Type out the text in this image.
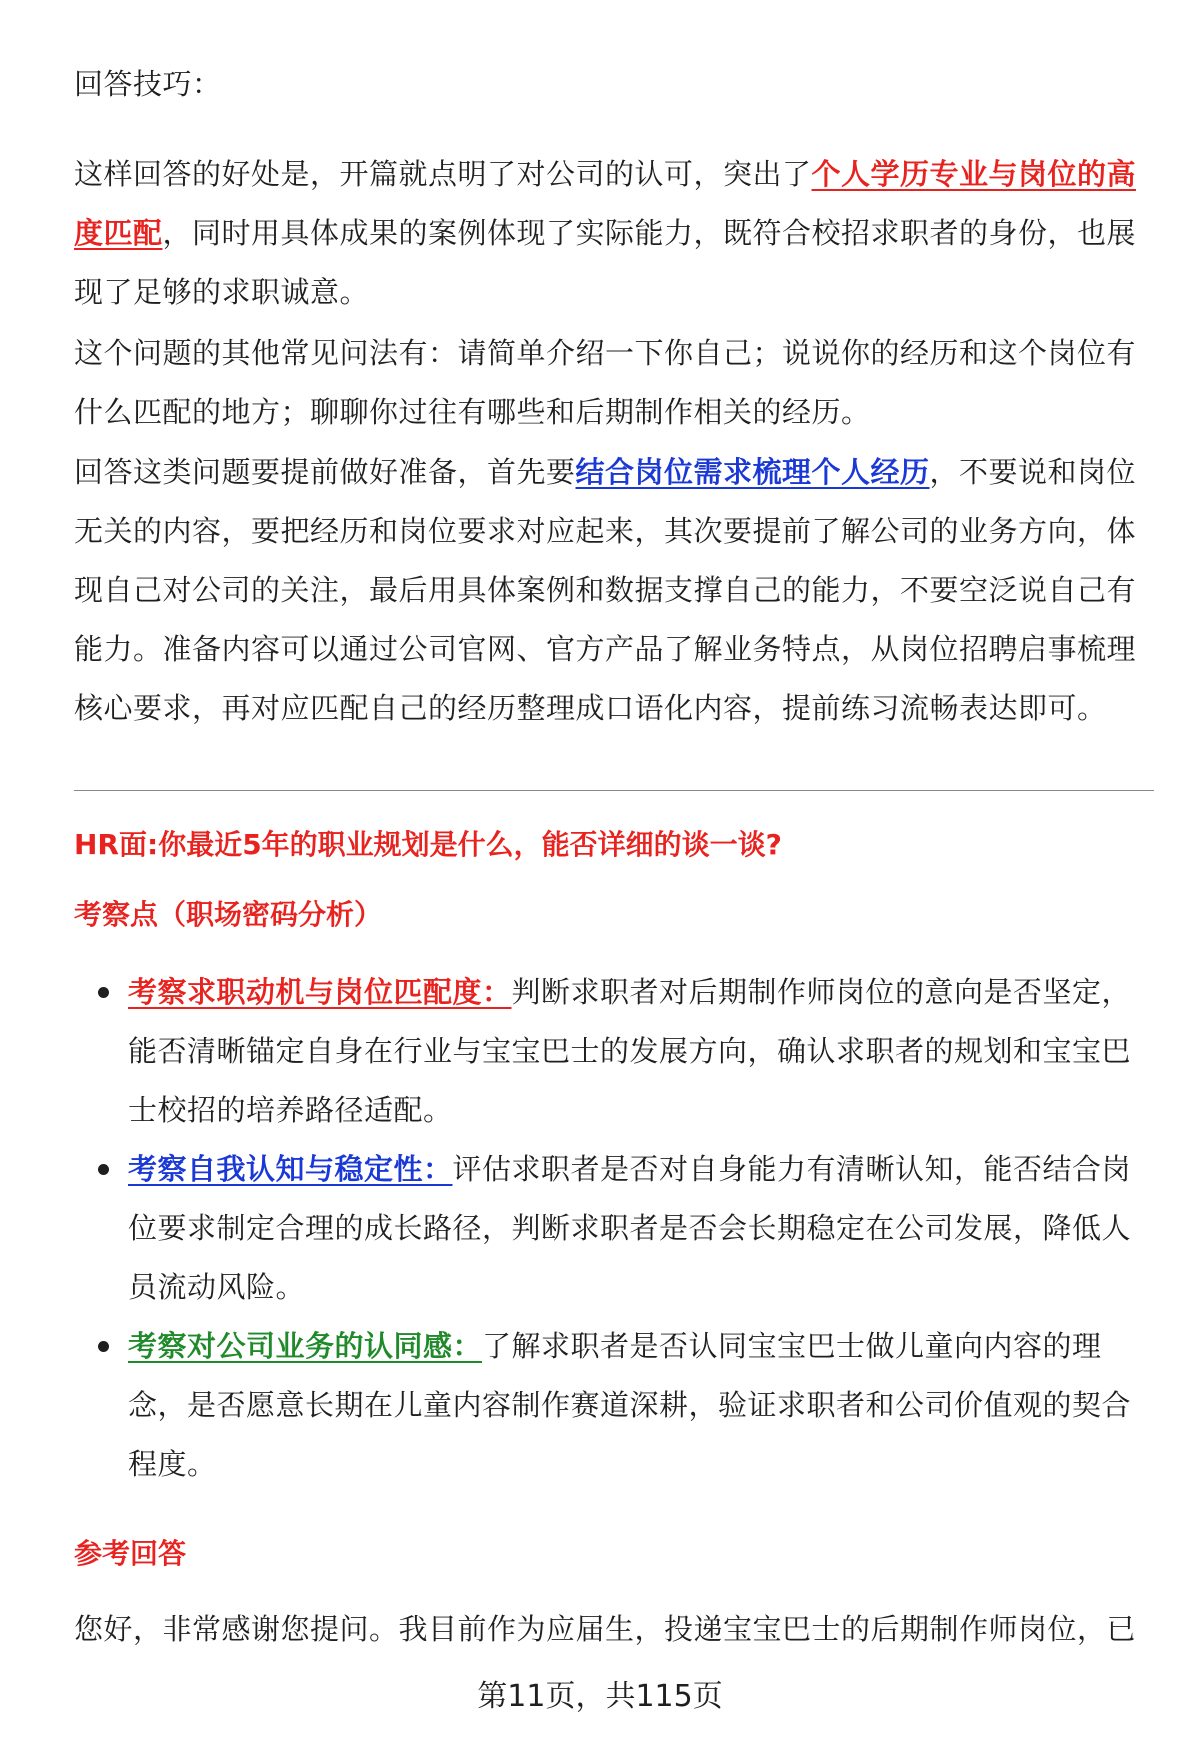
回答技巧：

这样回答的好处是，开篇就点明了对公司的认可，突出了个人学历专业与岗位的高度匹配，同时用具体成果的案例体现了实际能力，既符合校招求职者的身份，也展现了足够的求职诚意。

这个问题的其他常见问法有：请简单介绍一下你自己；说说你的经历和这个岗位有什么匹配的地方；聊聊你过往有哪些和后期制作相关的经历。

回答这类问题要提前做好准备，首先要结合岗位需求梳理个人经历，不要说和岗位无关的内容，要把经历和岗位要求对应起来，其次要提前了解公司的业务方向，体现自己对公司的关注，最后用具体案例和数据支撑自己的能力，不要空泛说自己有能力。准备内容可以通过公司官网、官方产品了解业务特点，从岗位招聘启事梳理核心要求，再对应匹配自己的经历整理成口语化内容，提前练习流畅表达即可。

HR面:你最近5年的职业规划是什么，能否详细的谈一谈?

考察点（职场密码分析）

考察求职动机与岗位匹配度：判断求职者对后期制作师岗位的意向是否坚定，能否清晰锚定自身在行业与宝宝巴士的发展方向，确认求职者的规划和宝宝巴士校招的培养路径适配。
考察自我认知与稳定性：评估求职者是否对自身能力有清晰认知，能否结合岗位要求制定合理的成长路径，判断求职者是否会长期稳定在公司发展，降低人员流动风险。
考察对公司业务的认同感：了解求职者是否认同宝宝巴士做儿童向内容的理念，是否愿意长期在儿童内容制作赛道深耕，验证求职者和公司价值观的契合程度。

参考回答

您好，非常感谢您提问。我目前作为应届生，投递宝宝巴士的后期制作师岗位，已

第11页，共115页
